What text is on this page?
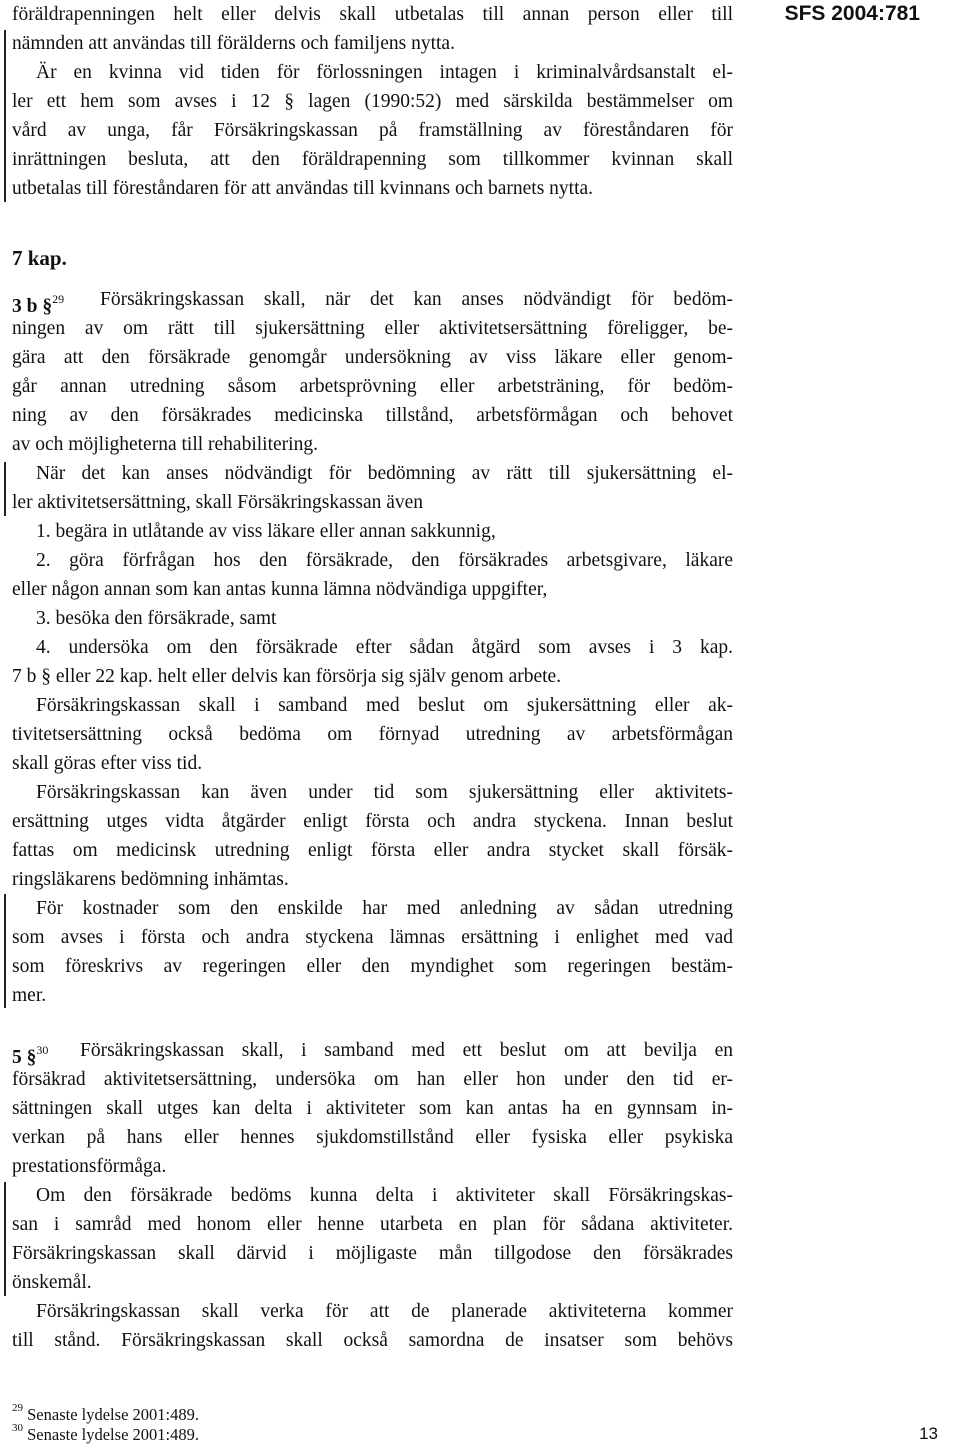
SFS 2004:781
föräldrapenningen helt eller delvis skall utbetalas till annan person eller till
nämnden att användas till förälderns och familjens nytta.
Är en kvinna vid tiden för förlossningen intagen i kriminalvårdsanstalt el-
ler ett hem som avses i 12 § lagen (1990:52) med särskilda bestämmelser om
vård av unga, får Försäkringskassan på framställning av föreståndaren för
inrättningen besluta, att den föräldrapenning som tillkommer kvinnan skall
utbetalas till föreståndaren för att användas till kvinnans och barnets nytta.
7 kap.
3 b §$^{29}$ Försäkringskassan skall, när det kan anses nödvändigt för bedöm-
ningen av om rätt till sjukersättning eller aktivitetsersättning föreligger, be-
gära att den försäkrade genomgår undersökning av viss läkare eller genom-
går annan utredning såsom arbetsprövning eller arbetsträning, för bedöm-
ning av den försäkrades medicinska tillstånd, arbetsförmågan och behovet
av och möjligheterna till rehabilitering.
När det kan anses nödvändigt för bedömning av rätt till sjukersättning el-
ler aktivitetsersättning, skall Försäkringskassan även
1. begära in utlåtande av viss läkare eller annan sakkunnig,
2. göra förfrågan hos den försäkrade, den försäkrades arbetsgivare, läkare
eller någon annan som kan antas kunna lämna nödvändiga uppgifter,
3. besöka den försäkrade, samt
4. undersöka om den försäkrade efter sådan åtgärd som avses i 3 kap.
7 b § eller 22 kap. helt eller delvis kan försörja sig själv genom arbete.
Försäkringskassan skall i samband med beslut om sjukersättning eller ak-
tivitetsersättning också bedöma om förnyad utredning av arbetsförmågan
skall göras efter viss tid.
Försäkringskassan kan även under tid som sjukersättning eller aktivitets-
ersättning utges vidta åtgärder enligt första och andra styckena. Innan beslut
fattas om medicinsk utredning enligt första eller andra stycket skall försäk-
ringsläkarens bedömning inhämtas.
För kostnader som den enskilde har med anledning av sådan utredning
som avses i första och andra styckena lämnas ersättning i enlighet med vad
som föreskrivs av regeringen eller den myndighet som regeringen bestäm-
mer.
5 §$^{30}$ Försäkringskassan skall, i samband med ett beslut om att bevilja en
försäkrad aktivitetsersättning, undersöka om han eller hon under den tid er-
sättningen skall utges kan delta i aktiviteter som kan antas ha en gynnsam in-
verkan på hans eller hennes sjukdomstillstånd eller fysiska eller psykiska
prestationsförmåga.
Om den försäkrade bedöms kunna delta i aktiviteter skall Försäkringskas-
san i samråd med honom eller henne utarbeta en plan för sådana aktiviteter.
Försäkringskassan skall därvid i möjligaste mån tillgodose den försäkrades
önskemål.
Försäkringskassan skall verka för att de planerade aktiviteterna kommer
till stånd. Försäkringskassan skall också samordna de insatser som behövs
$^{29}$ Senaste lydelse 2001:489.
$^{30}$ Senaste lydelse 2001:489.	13
